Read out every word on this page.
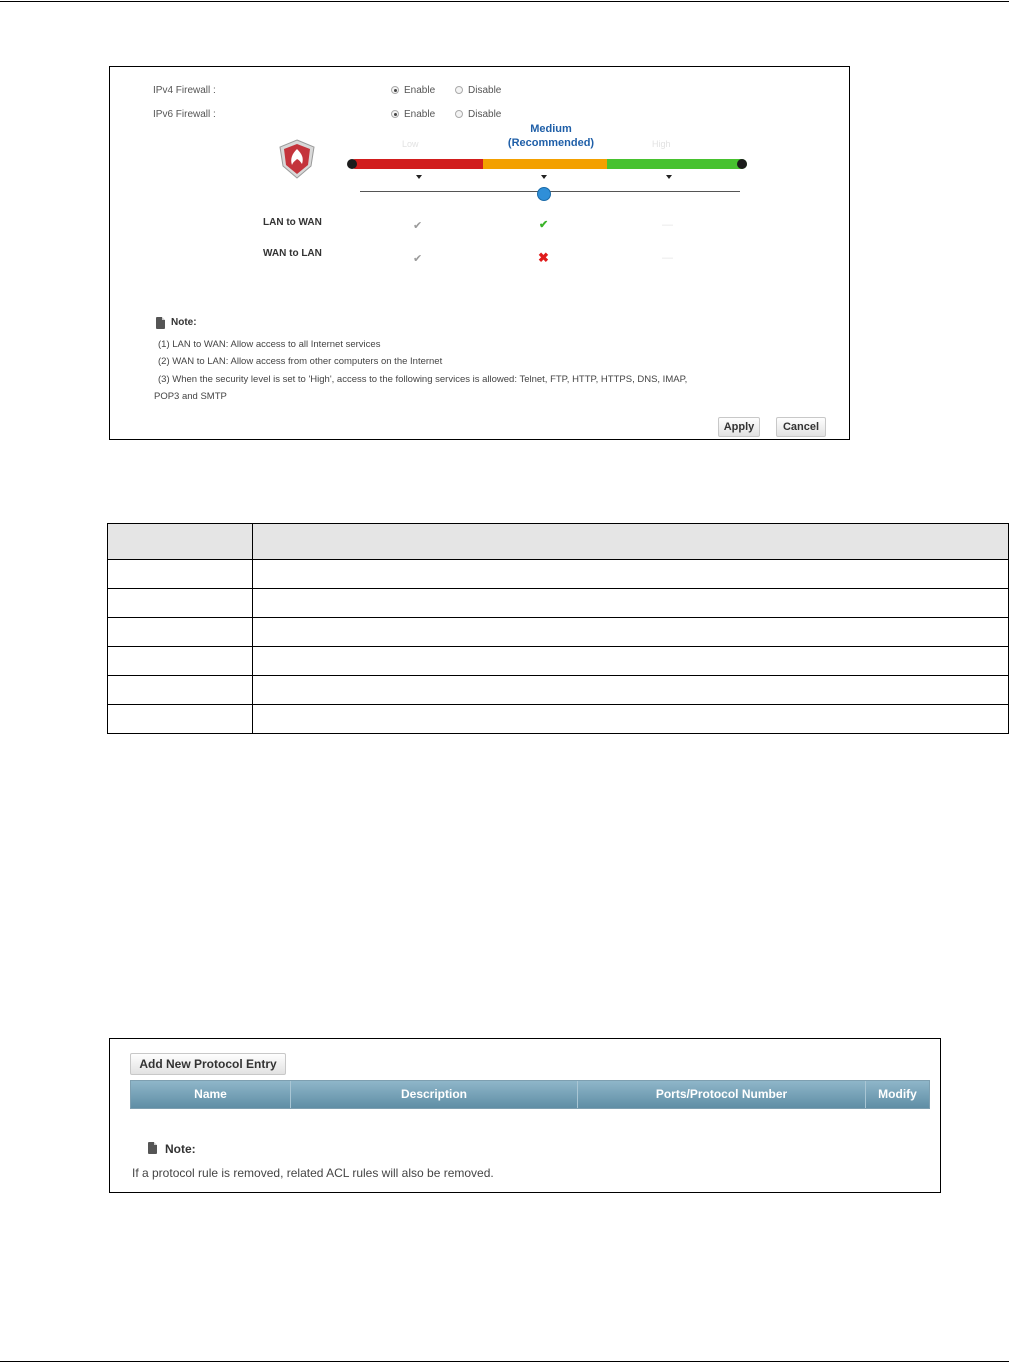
IPv4 Firewall :	Enable	Disable
IPv6 Firewall :	Enable	Disable
Low
Medium
(Recommended)	High
LAN to WAN	✔	✔	—
WAN to LAN	✔	✖	—
Note:
(1) LAN to WAN: Allow access to all Internet services
(2) WAN to LAN: Allow access from other computers on the Internet
(3) When the security level is set to 'High', access to the following services is allowed: Telnet, FTP, HTTP, HTTPS, DNS, IMAP,
POP3 and SMTP
Apply	Cancel

Add New Protocol Entry
Name	Description	Ports/Protocol Number	Modify
Note:
If a protocol rule is removed, related ACL rules will also be removed.
